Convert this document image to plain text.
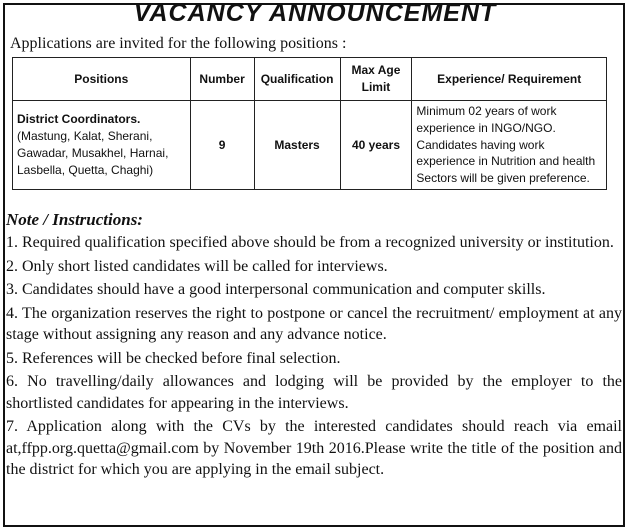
VACANCY ANNOUNCEMENT
Applications are invited for the following positions :
Positions	Number	Qualification	Max Age Limit	Experience/ Requirement

District Coordinators.
(Mastung, Kalat, Sherani, Gawadar, Musakhel, Harnai, Lasbella, Quetta, Chaghi)	9	Masters	40 years	Minimum 02 years of work experience in INGO/NGO. Candidates having work experience in Nutrition and health Sectors will be given preference.
Note / Instructions:

1. Required qualification specified above should be from a recognized university or institution.

2. Only short listed candidates will be called for interviews.

3. Candidates should have a good interpersonal communication and computer skills.

4. The organization reserves the right to postpone or cancel the recruitment/ employment at any stage without assigning any reason and any advance notice.

5. References will be checked before final selection.

6. No travelling/daily allowances and lodging will be provided by the employer to the shortlisted candidates for appearing in the interviews.

7. Application along with the CVs by the interested candidates should reach via email at,ffpp.org.quetta@gmail.com by November 19th 2016.Please write the title of the position and the district for which you are applying in the email subject.
